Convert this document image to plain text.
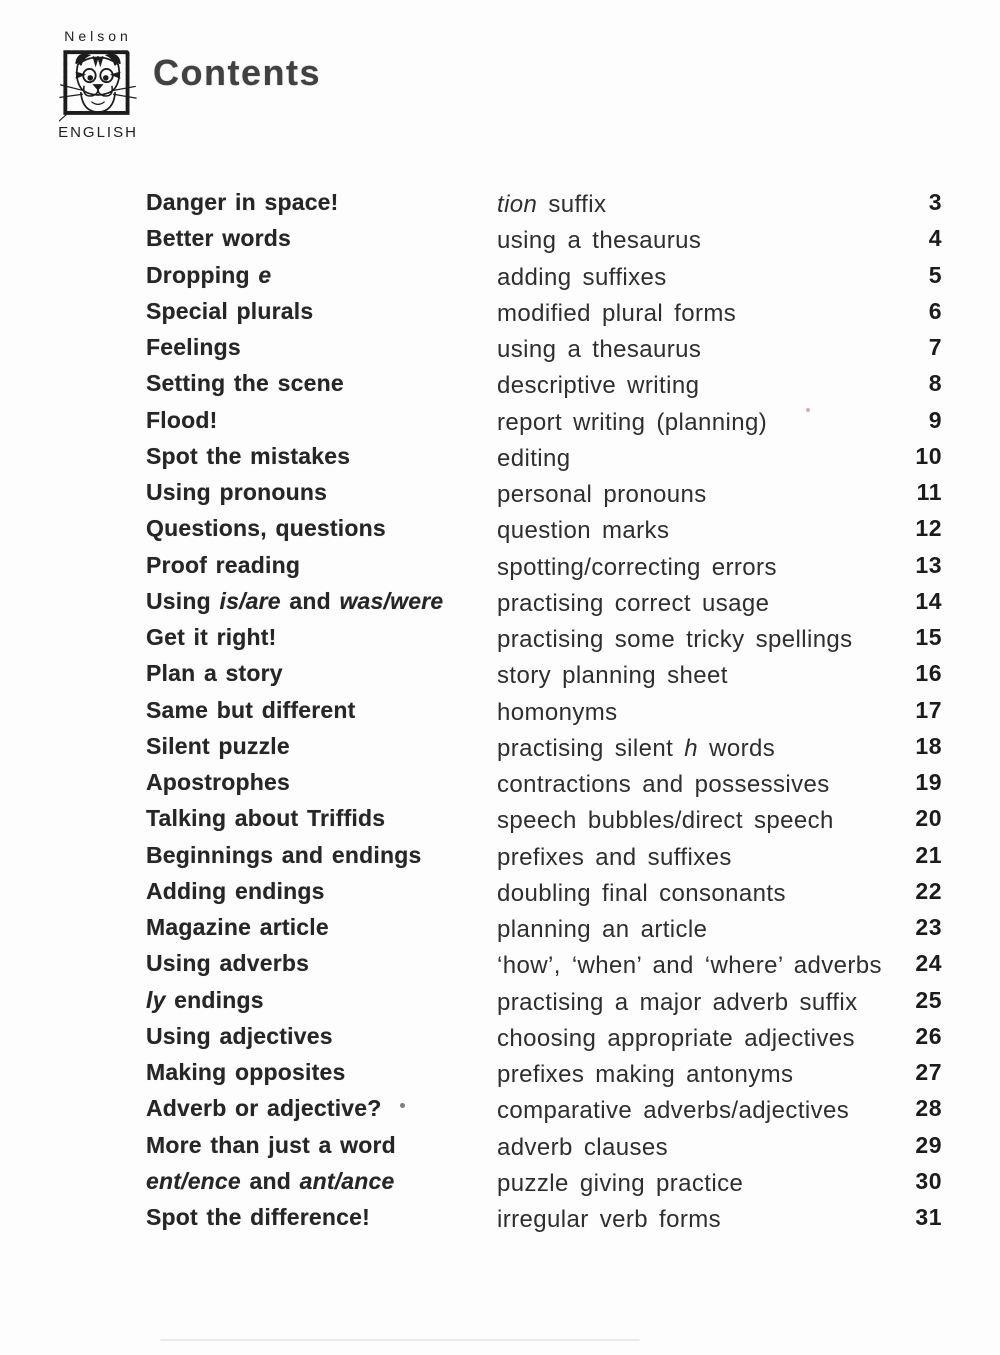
Nelson
ENGLISH
Contents
Danger in space!	tion suffix	3
Better words	using a thesaurus	4
Dropping e	adding suffixes	5
Special plurals	modified plural forms	6
Feelings	using a thesaurus	7
Setting the scene	descriptive writing	8
Flood!	report writing (planning)	9
Spot the mistakes	editing	10
Using pronouns	personal pronouns	11
Questions, questions	question marks	12
Proof reading	spotting/correcting errors	13
Using is/are and was/were	practising correct usage	14
Get it right!	practising some tricky spellings	15
Plan a story	story planning sheet	16
Same but different	homonyms	17
Silent puzzle	practising silent h words	18
Apostrophes	contractions and possessives	19
Talking about Triffids	speech bubbles/direct speech	20
Beginnings and endings	prefixes and suffixes	21
Adding endings	doubling final consonants	22
Magazine article	planning an article	23
Using adverbs	‘how’, ‘when’ and ‘where’ adverbs	24
ly endings	practising a major adverb suffix	25
Using adjectives	choosing appropriate adjectives	26
Making opposites	prefixes making antonyms	27
Adverb or adjective?	comparative adverbs/adjectives	28
More than just a word	adverb clauses	29
ent/ence and ant/ance	puzzle giving practice	30
Spot the difference!	irregular verb forms	31
